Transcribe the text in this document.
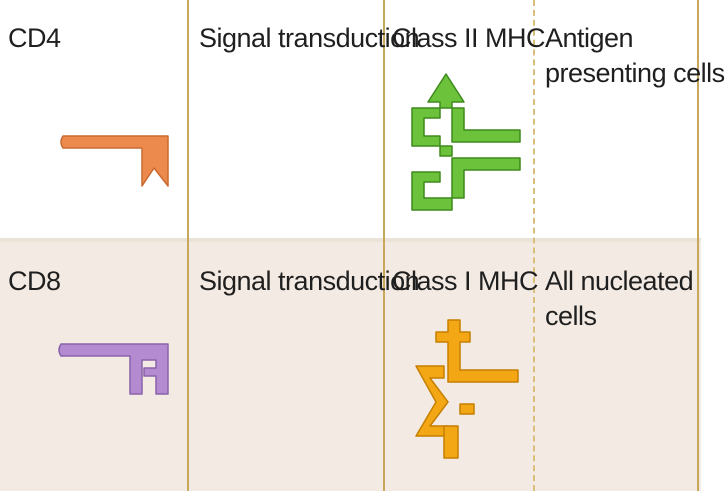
CD4	Signal transduction
Class II MHC Antigen
presenting cells
CD8	Signal transduction
Class I MHC All nucleated
cells
